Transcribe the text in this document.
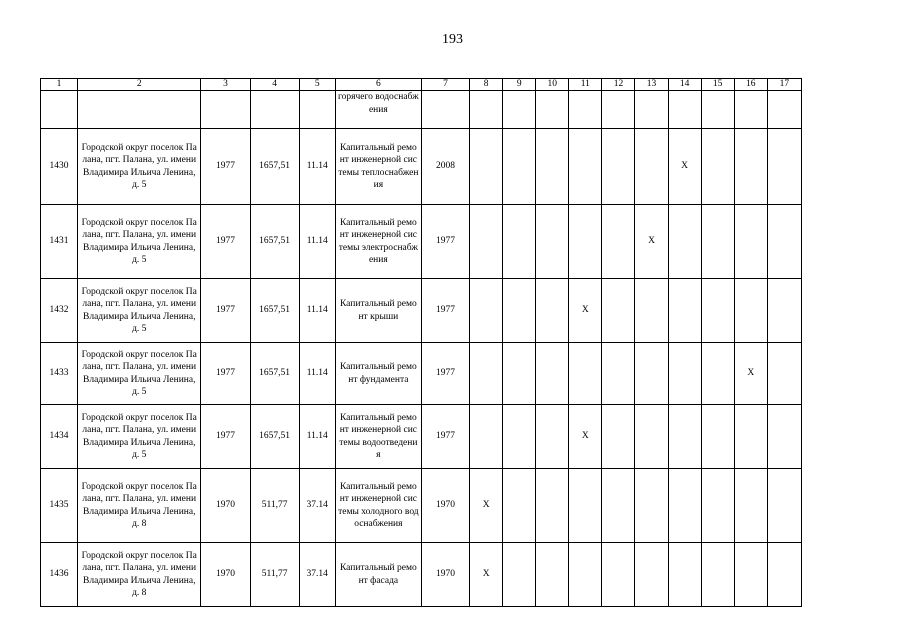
193
1	2	3	4	5	6	7	8	9	10	11	12	13	14	15	16	17
					горячего водоснабжения											
1430	Городской округ поселок Палана, пгт. Палана, ул. имени Владимира Ильича Ленина,д. 5	1977	1657,51	11.14	Капитальный ремонт инженерной системы теплоснабжения	2008							Х			
1431	Городской округ поселок Палана, пгт. Палана, ул. имени Владимира Ильича Ленина,д. 5	1977	1657,51	11.14	Капитальный ремонт инженерной системы электроснабжения	1977						Х				
1432	Городской округ поселок Палана, пгт. Палана, ул. имени Владимира Ильича Ленина,д. 5	1977	1657,51	11.14	Капитальный ремонт крыши	1977				Х						
1433	Городской округ поселок Палана, пгт. Палана, ул. имени Владимира Ильича Ленина,д. 5	1977	1657,51	11.14	Капитальный ремонт фундамента	1977									Х	
1434	Городской округ поселок Палана, пгт. Палана, ул. имени Владимира Ильича Ленина,д. 5	1977	1657,51	11.14	Капитальный ремонт инженерной системы водоотведения	1977				Х						
1435	Городской округ поселок Палана, пгт. Палана, ул. имени Владимира Ильича Ленина,д. 8	1970	511,77	37.14	Капитальный ремонт инженерной системы холодного водоснабжения	1970	Х									
1436	Городской округ поселок Палана, пгт. Палана, ул. имени Владимира Ильича Ленина,д. 8	1970	511,77	37.14	Капитальный ремонт фасада	1970	Х									
